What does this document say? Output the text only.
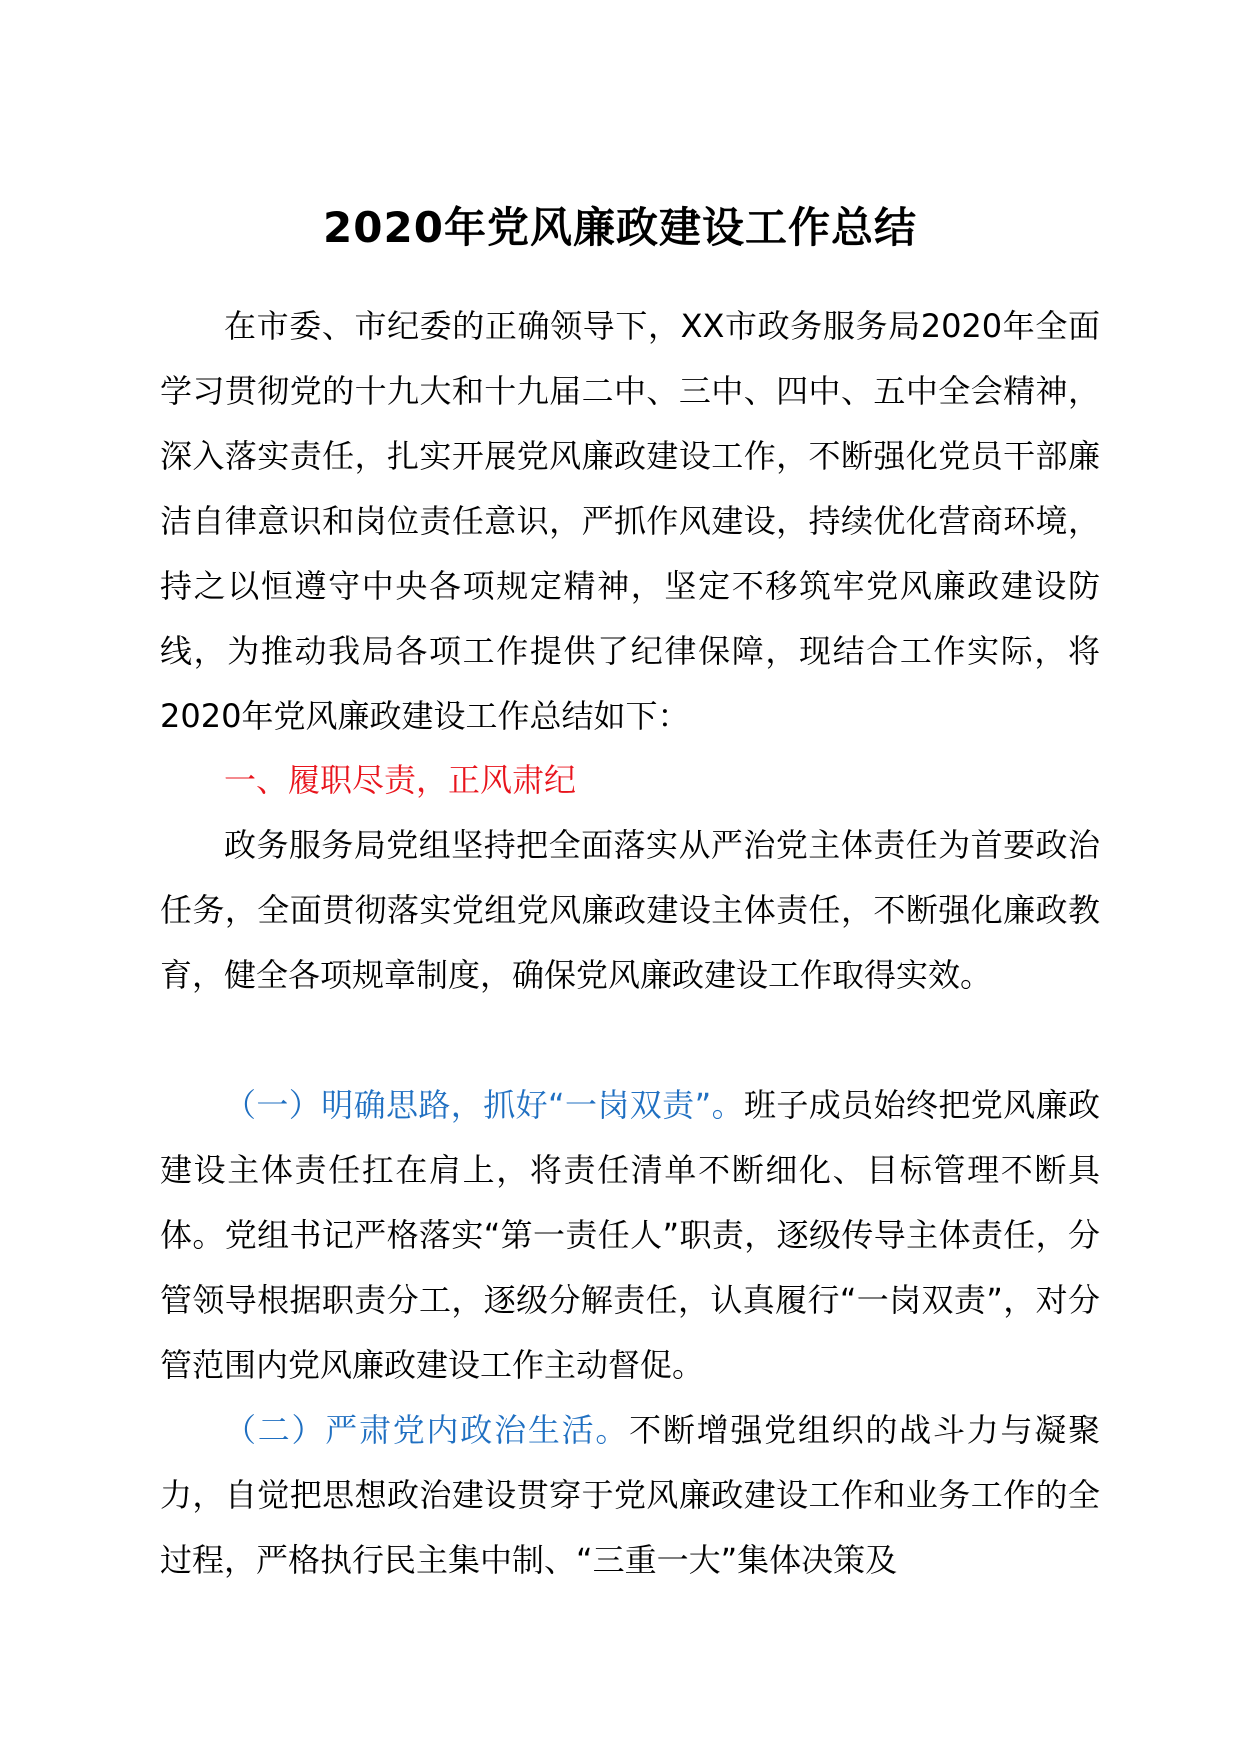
2020年党风廉政建设工作总结

在市委、市纪委的正确领导下，XX市政务服务局2020年全面学习贯彻党的十九大和十九届二中、三中、四中、五中全会精神，深入落实责任，扎实开展党风廉政建设工作，不断强化党员干部廉洁自律意识和岗位责任意识，严抓作风建设，持续优化营商环境，持之以恒遵守中央各项规定精神，坚定不移筑牢党风廉政建设防线，为推动我局各项工作提供了纪律保障，现结合工作实际，将2020年党风廉政建设工作总结如下：

一、履职尽责，正风肃纪

政务服务局党组坚持把全面落实从严治党主体责任为首要政治任务，全面贯彻落实党组党风廉政建设主体责任，不断强化廉政教育，健全各项规章制度，确保党风廉政建设工作取得实效。

（一）明确思路，抓好“一岗双责”。班子成员始终把党风廉政建设主体责任扛在肩上，将责任清单不断细化、目标管理不断具体。党组书记严格落实“第一责任人”职责，逐级传导主体责任，分管领导根据职责分工，逐级分解责任，认真履行“一岗双责”，对分管范围内党风廉政建设工作主动督促。

（二）严肃党内政治生活。不断增强党组织的战斗力与凝聚力，自觉把思想政治建设贯穿于党风廉政建设工作和业务工作的全过程，严格执行民主集中制、“三重一大”集体决策及
